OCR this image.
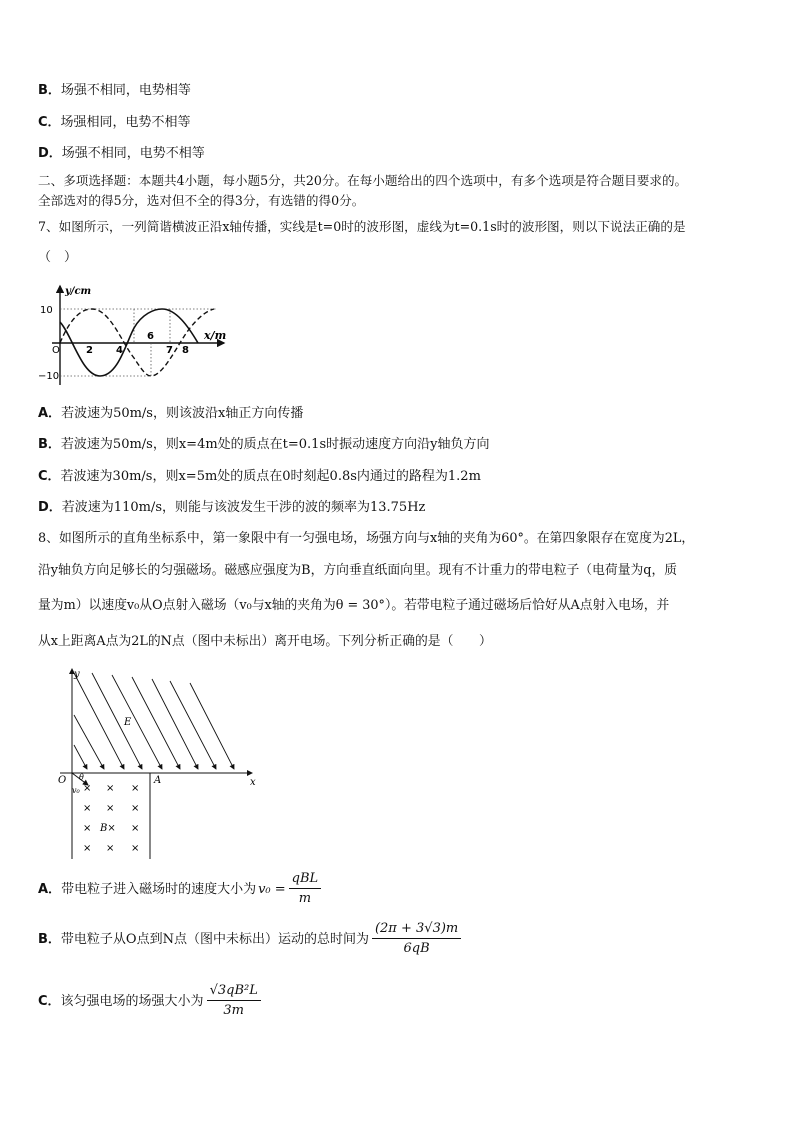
B．场强不相同，电势相等
C．场强相同，电势不相等
D．场强不相同，电势不相等
二、多项选择题：本题共4小题，每小题5分，共20分。在每小题给出的四个选项中，有多个选项是符合题目要求的。
全部选对的得5分，选对但不全的得3分，有选错的得0分。
7、如图所示，一列简谐横波正沿x轴传播，实线是t=0时的波形图，虚线为t=0.1s时的波形图，则以下说法正确的是
（　）
y/cm
10
−10
O	2 4
6
7 8
x/m
A．若波速为50m/s，则该波沿x轴正方向传播
B．若波速为50m/s，则x=4m处的质点在t=0.1s时振动速度方向沿y轴负方向
C．若波速为30m/s，则x=5m处的质点在0时刻起0.8s内通过的路程为1.2m
D．若波速为110m/s，则能与该波发生干涉的波的频率为13.75Hz
8、如图所示的直角坐标系中，第一象限中有一匀强电场，场强方向与x轴的夹角为60°。在第四象限存在宽度为2L，
沿y轴负方向足够长的匀强磁场。磁感应强度为B，方向垂直纸面向里。现有不计重力的带电粒子（电荷量为q，质
量为m）以速度v₀从O点射入磁场（v₀与x轴的夹角为θ = 30°）。若带电粒子通过磁场后恰好从A点射入电场，并
从x上距离A点为2L的N点（图中未标出）离开电场。下列分析正确的是（　　）
y
x
O	A
E
θ
v₀ × × ×
× × ×
×	×
× × ×
B×
A．带电粒子进入磁场时的速度大小为 $v_0 = \frac{\text{qBL}}{m}$
B．带电粒子从O点到N点（图中未标出）运动的总时间为 $\frac{(2\pi + 3√3)m}{6qB}$
C．该匀强电场的场强大小为 $\frac{\text{√3qB²L}}{3m}$
